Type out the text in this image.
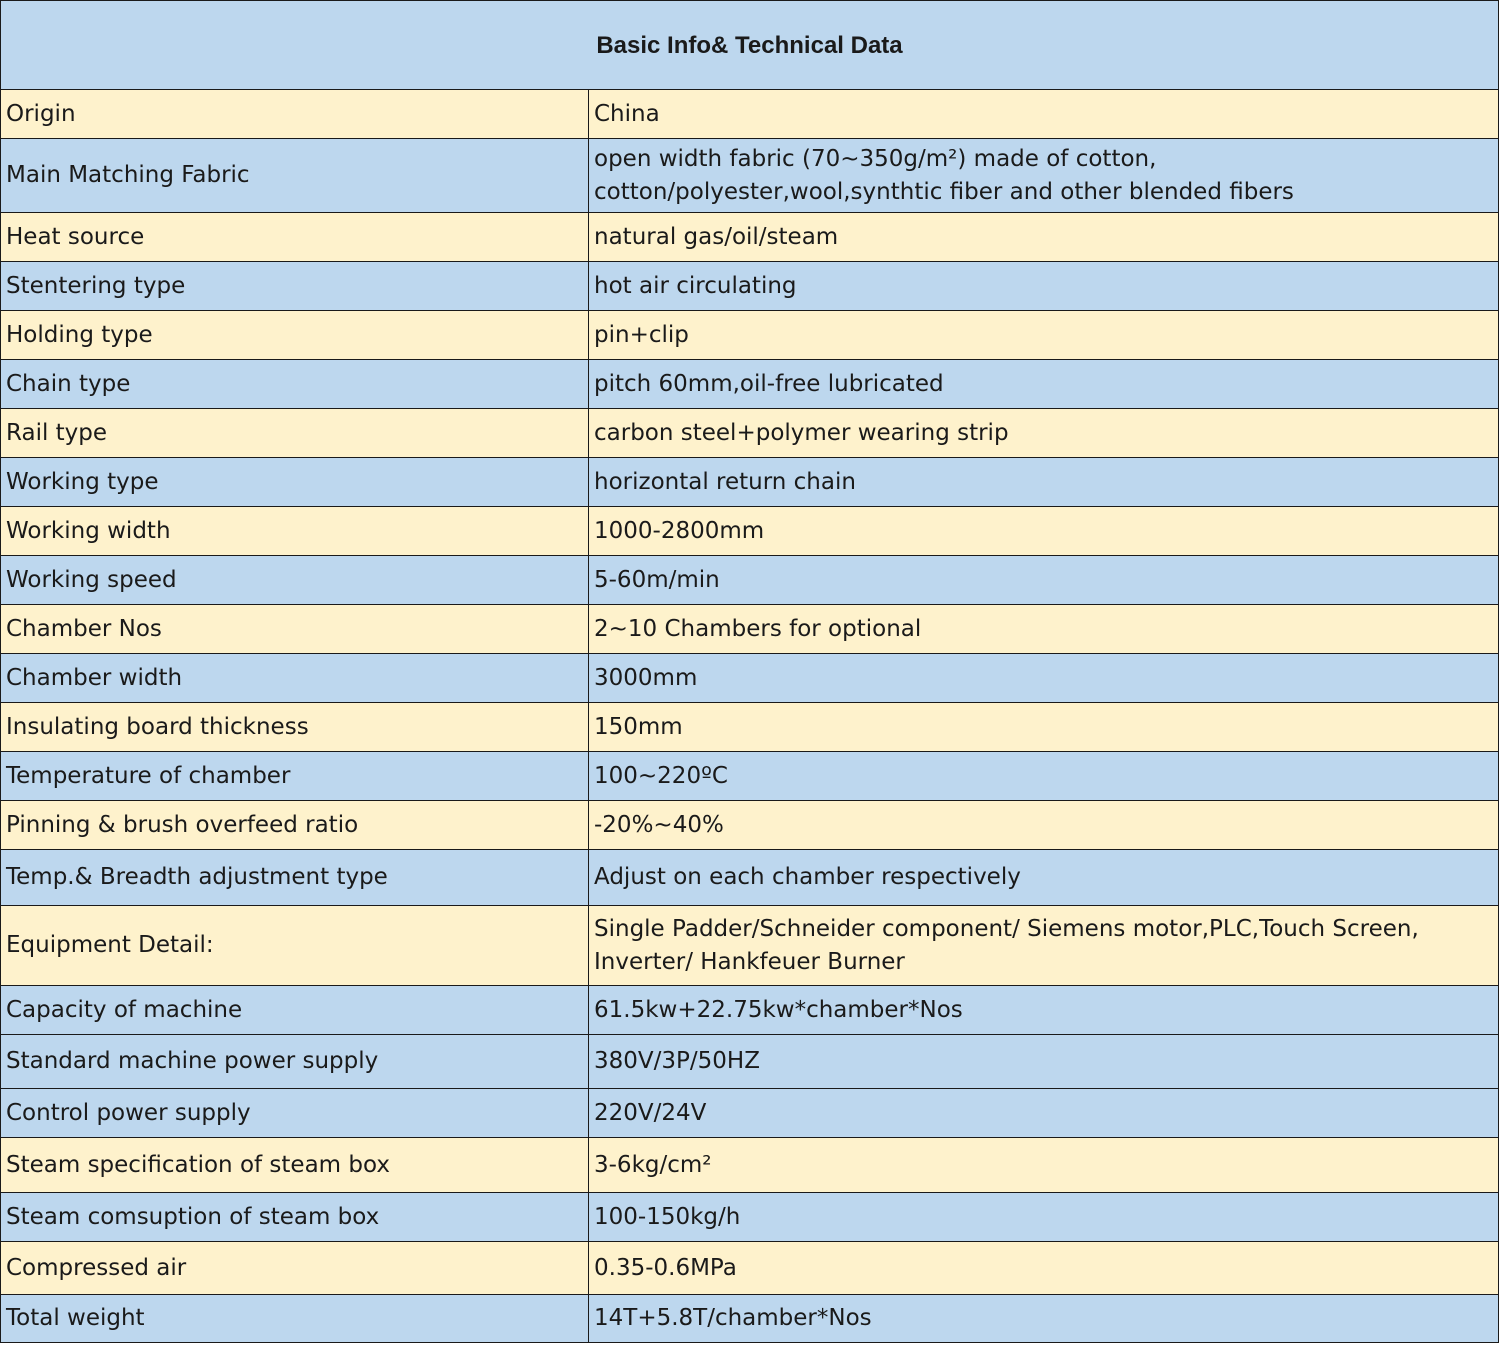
Basic Info& Technical Data	
Origin	China
Main Matching Fabric	open width fabric (70~350g/m²) made of cotton, cotton/polyester,wool,synthtic fiber and other blended fibers
Heat source	natural gas/oil/steam
Stentering type	hot air circulating
Holding type	pin+clip
Chain type	pitch 60mm,oil-free lubricated
Rail type	carbon steel+polymer wearing strip
Working type	horizontal return chain
Working width	1000-2800mm
Working speed	5-60m/min
Chamber Nos	2~10 Chambers for optional
Chamber width	3000mm
Insulating board thickness	150mm
Temperature of chamber	100~220ºC
Pinning & brush overfeed ratio	-20%~40%
Temp.& Breadth adjustment type	Adjust on each chamber respectively
Equipment Detail:	Single Padder/Schneider component/ Siemens motor,PLC,Touch Screen, Inverter/ Hankfeuer Burner
Capacity of machine	61.5kw+22.75kw*chamber*Nos
Standard machine power supply	380V/3P/50HZ
Control power supply	220V/24V
Steam specification of steam box	3-6kg/cm²
Steam comsuption of steam box	100-150kg/h
Compressed air	0.35-0.6MPa
Total weight	14T+5.8T/chamber*Nos
